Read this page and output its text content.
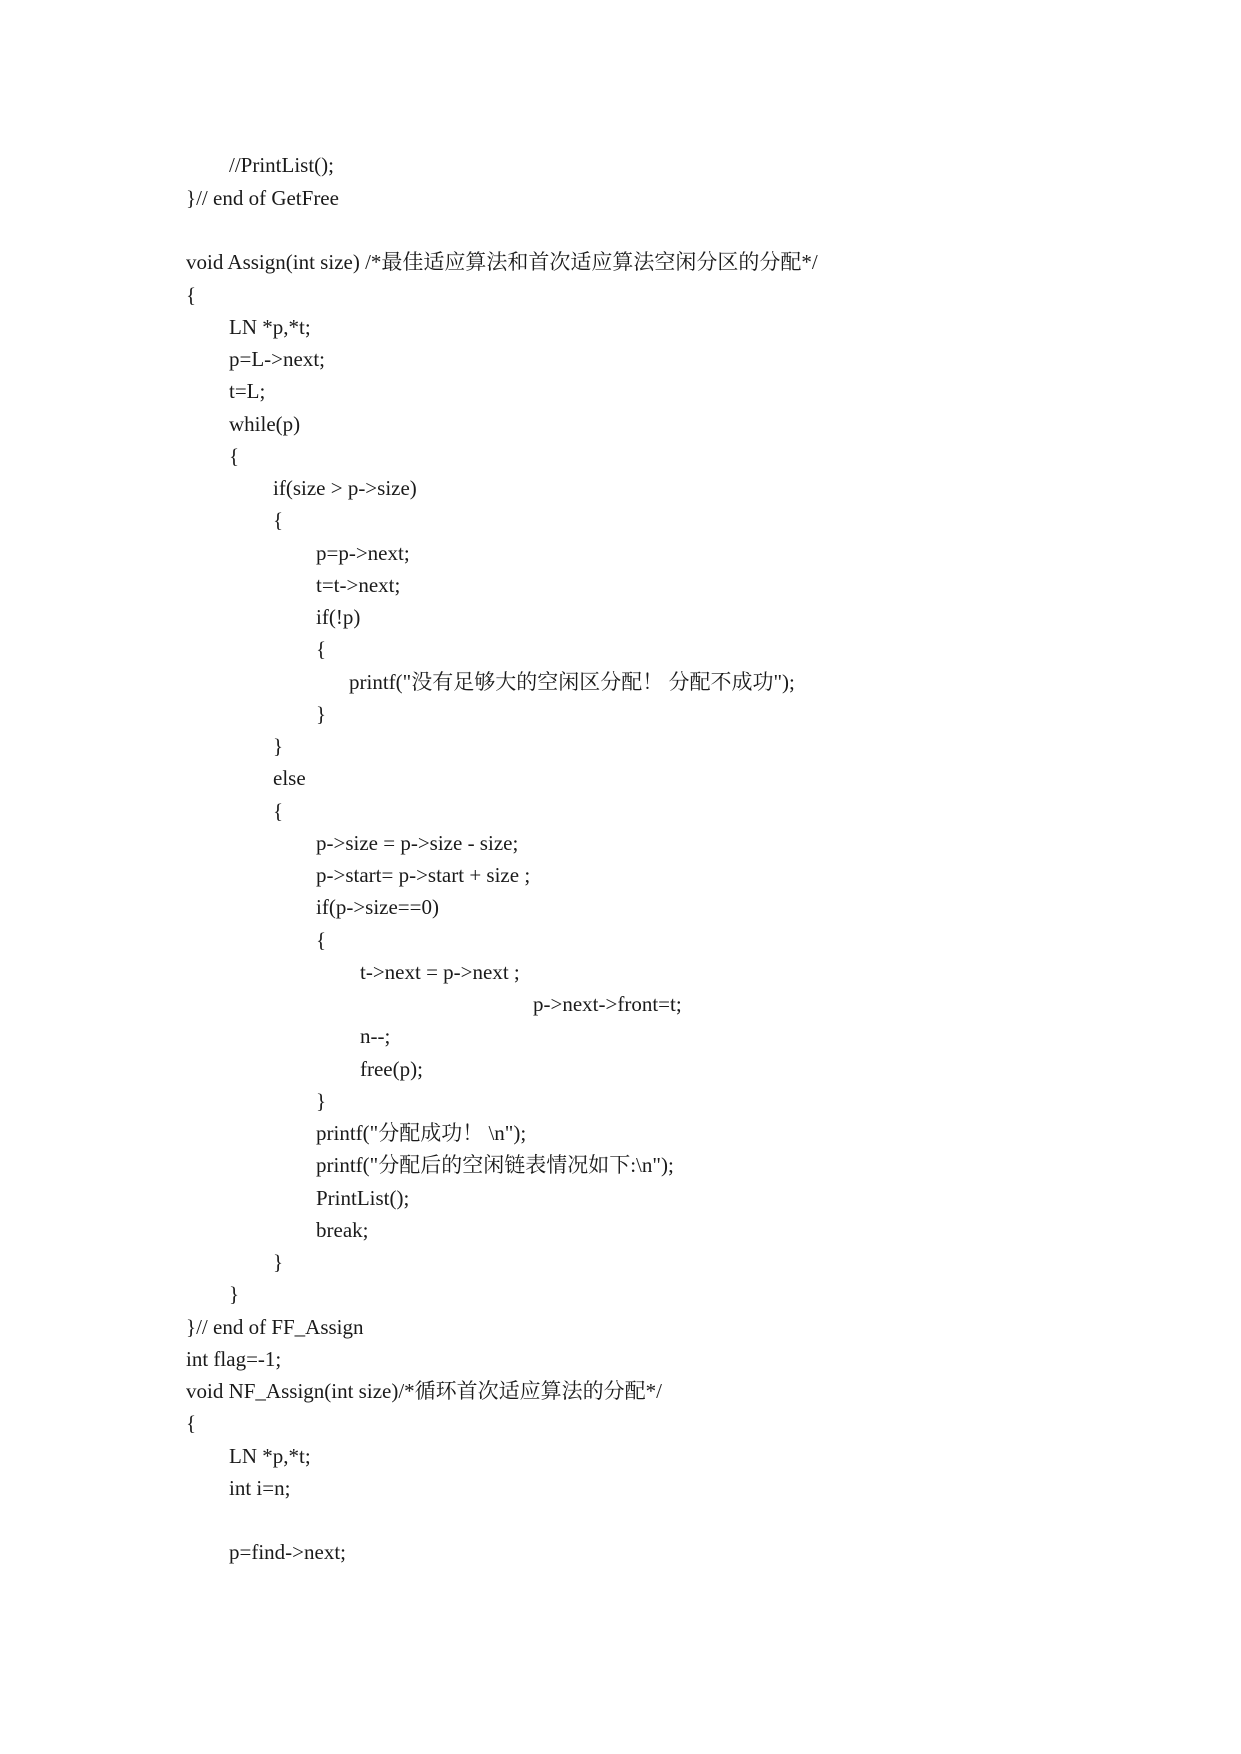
//PrintList();
}// end of GetFree
void Assign(int size) /*最佳适应算法和首次适应算法空闲分区的分配*/
{
LN *p,*t;
p=L->next;
t=L;
while(p)
{
if(size > p->size)
{
p=p->next;
t=t->next;
if(!p)
{
printf("没有足够大的空闲区分配！ 分配不成功");
}
}
else
{
p->size = p->size - size;
p->start= p->start + size ;
if(p->size==0)
{
t->next = p->next ;
p->next->front=t;
n--;
free(p);
}
printf("分配成功！ \n");
printf("分配后的空闲链表情况如下:\n");
PrintList();
break;
}
}
}// end of FF_Assign
int flag=-1;
void NF_Assign(int size)/*循环首次适应算法的分配*/
{
LN *p,*t;
int i=n;
p=find->next;
